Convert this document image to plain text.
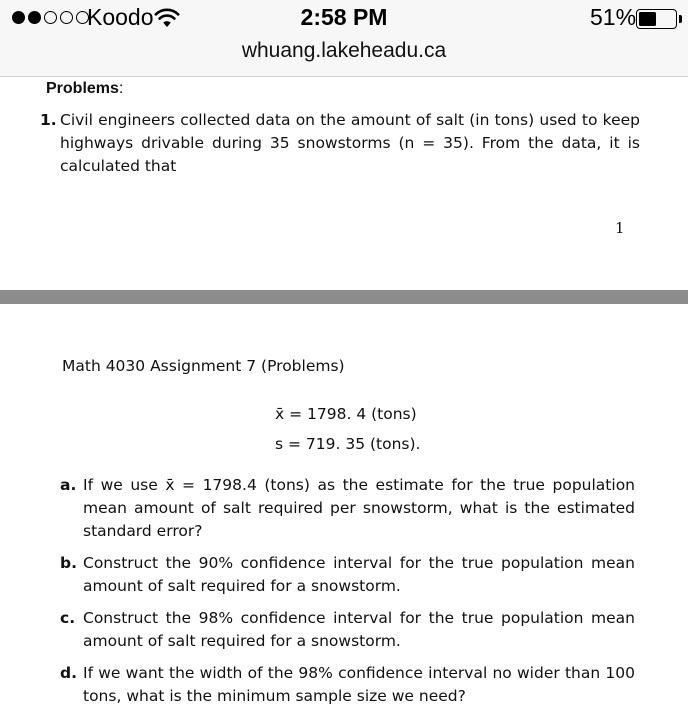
Koodo	2:58 PM	51%
whuang.lakeheadu.ca
Problems:
1. Civil engineers collected data on the amount of salt (in tons) used to keep highways drivable during 35 snowstorms (n = 35). From the data, it is calculated that
1
Math 4030 Assignment 7 (Problems)
x̄ = 1798. 4 (tons)
s = 719. 35 (tons).
a. If we use x̄ = 1798.4 (tons) as the estimate for the true population mean amount of salt required per snowstorm, what is the estimated standard error?
b. Construct the 90% confidence interval for the true population mean amount of salt required for a snowstorm.
c. Construct the 98% confidence interval for the true population mean amount of salt required for a snowstorm.
d. If we want the width of the 98% confidence interval no wider than 100 tons, what is the minimum sample size we need?
